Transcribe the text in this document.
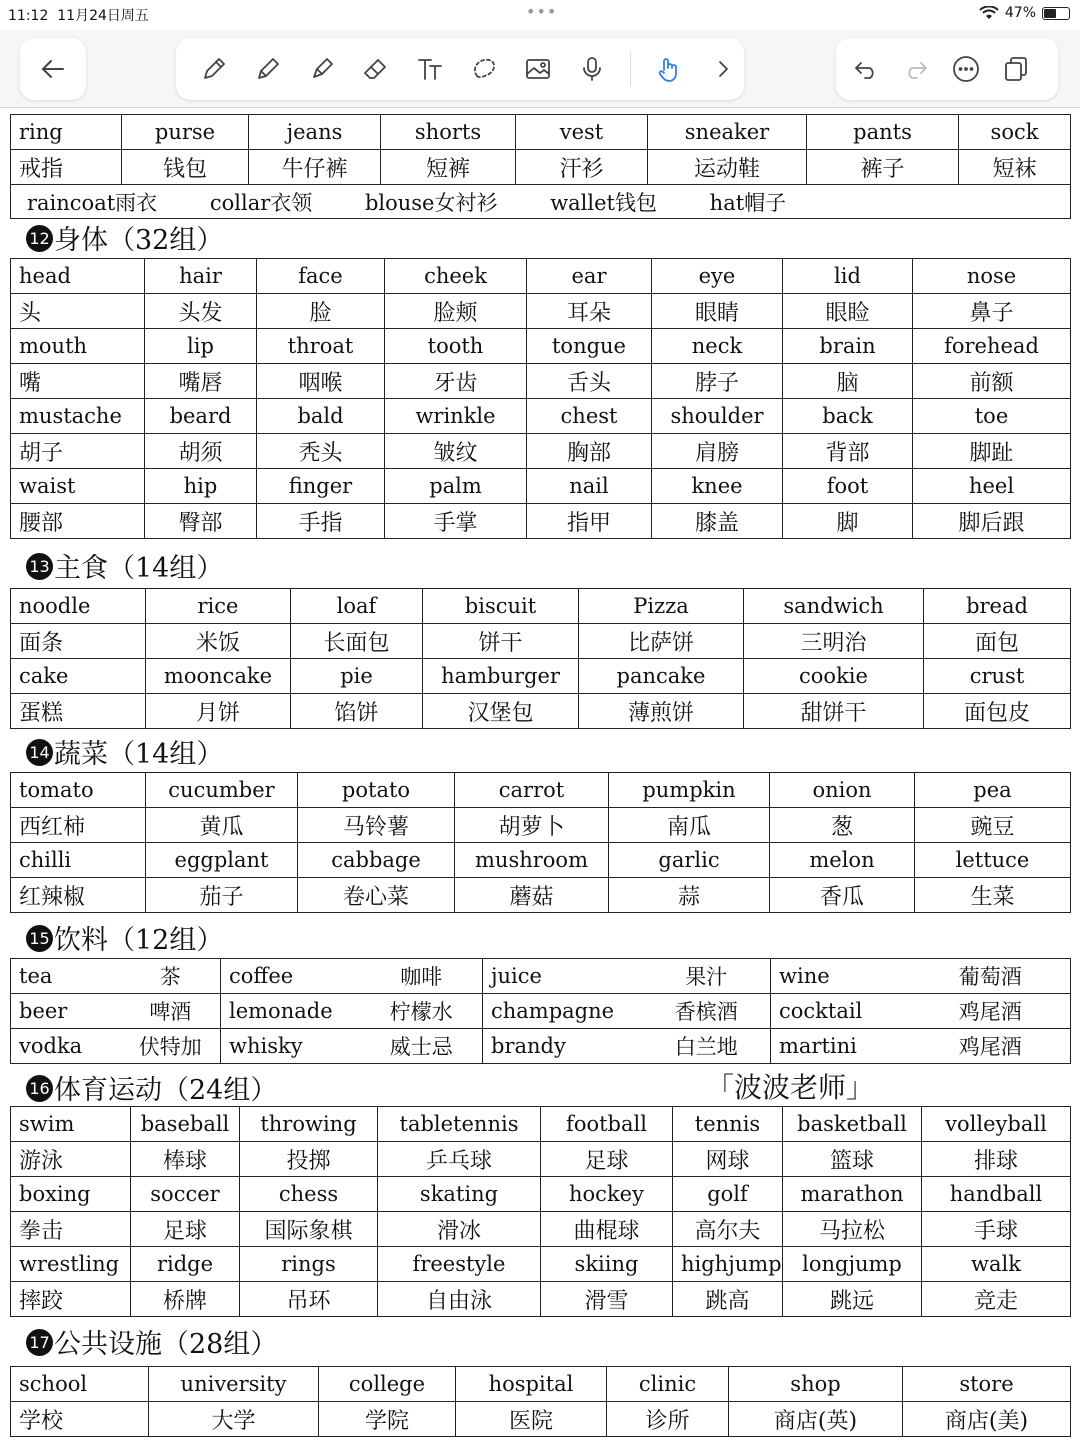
11:12 11月24日周五	•••	47%
ring	purse	jeans	shorts	vest	sneaker	pants	sock
戒指	钱包	牛仔裤	短裤	汗衫	运动鞋	裤子	短袜
raincoat雨衣 collar衣领 blouse女衬衫 wallet钱包 hat帽子							
12 身体（32组）
head	hair	face	cheek	ear	eye	lid	nose
头	头发	脸	脸颊	耳朵	眼睛	眼睑	鼻子
mouth	lip	throat	tooth	tongue	neck	brain	forehead
嘴	嘴唇	咽喉	牙齿	舌头	脖子	脑	前额
mustache	beard	bald	wrinkle	chest	shoulder	back	toe
胡子	胡须	秃头	皱纹	胸部	肩膀	背部	脚趾
waist	hip	finger	palm	nail	knee	foot	heel
腰部	臀部	手指	手掌	指甲	膝盖	脚	脚后跟
13 主食（14组）
noodle	rice	loaf	biscuit	Pizza	sandwich	bread
面条	米饭	长面包	饼干	比萨饼	三明治	面包
cake	mooncake	pie	hamburger	pancake	cookie	crust
蛋糕	月饼	馅饼	汉堡包	薄煎饼	甜饼干	面包皮
14 蔬菜（14组）
tomato	cucumber	potato	carrot	pumpkin	onion	pea
西红柿	黄瓜	马铃薯	胡萝卜	南瓜	葱	豌豆
chilli	eggplant	cabbage	mushroom	garlic	melon	lettuce
红辣椒	茄子	卷心菜	蘑菇	蒜	香瓜	生菜
15 饮料（12组）
tea	茶	coffee	咖啡	juice	果汁	wine	葡萄酒
beer	啤酒	lemonade	柠檬水	champagne	香槟酒	cocktail	鸡尾酒
vodka	伏特加	whisky	威士忌	brandy	白兰地	martini	鸡尾酒
16 体育运动（24组）	「波波老师」
swim	baseball	throwing	tabletennis	football	tennis	basketball	volleyball
游泳	棒球	投掷	乒乓球	足球	网球	篮球	排球
boxing	soccer	chess	skating	hockey	golf	marathon	handball
拳击	足球	国际象棋	滑冰	曲棍球	高尔夫	马拉松	手球
wrestling	ridge	rings	freestyle	skiing	highjump	longjump	walk
摔跤	桥牌	吊环	自由泳	滑雪	跳高	跳远	竞走
17 公共设施（28组）
school	university	college	hospital	clinic	shop	store
学校	大学	学院	医院	诊所	商店(英)	商店(美)
